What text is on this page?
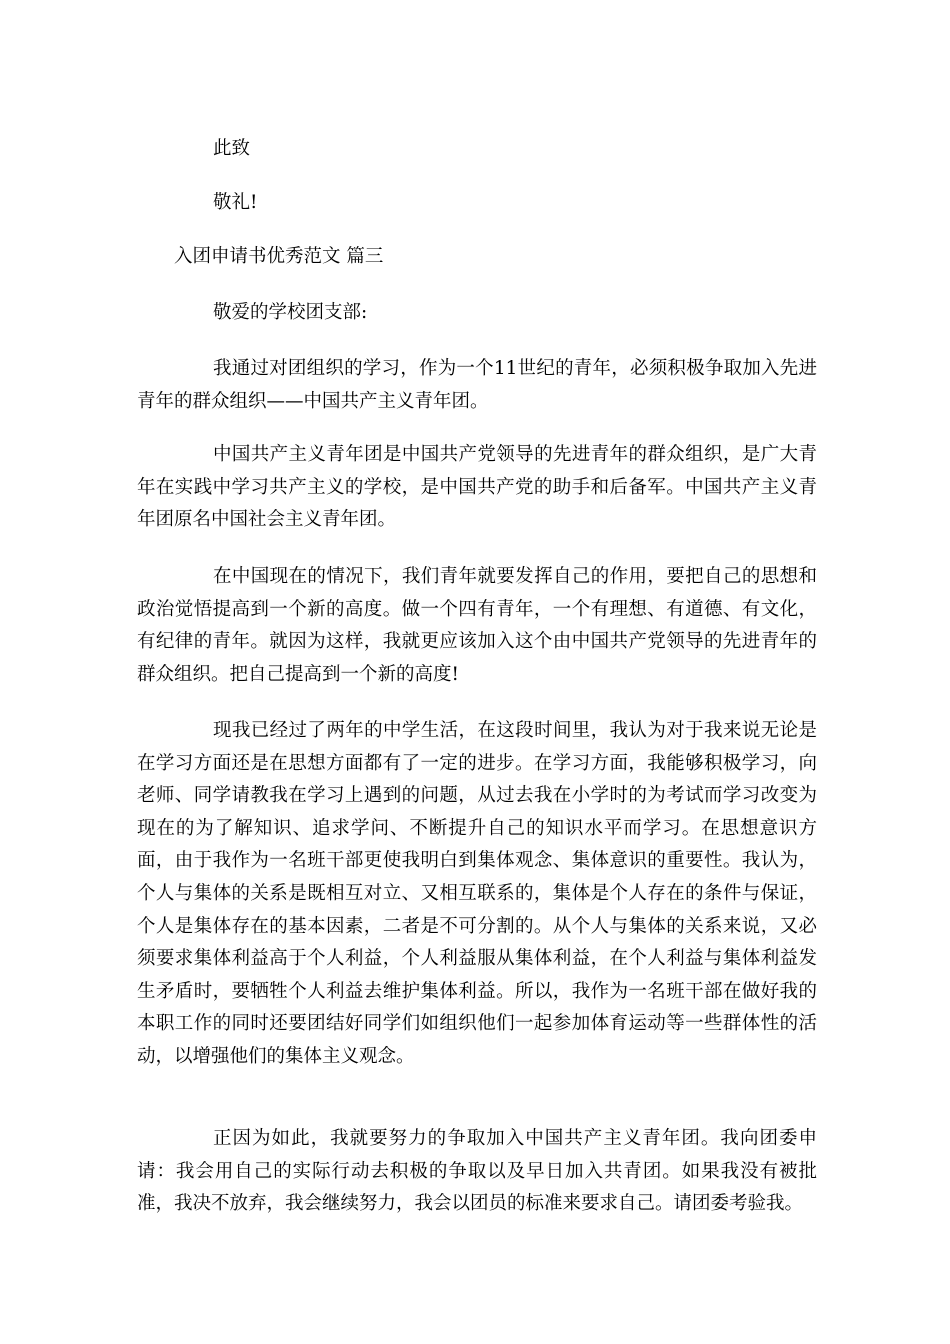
此致
敬礼!
入团申请书优秀范文 篇三
敬爱的学校团支部:

我通过对团组织的学习，作为一个11世纪的青年，必须积极争取加入先进青年的群众组织——中国共产主义青年团。

中国共产主义青年团是中国共产党领导的先进青年的群众组织，是广大青年在实践中学习共产主义的学校，是中国共产党的助手和后备军。中国共产主义青年团原名中国社会主义青年团。

在中国现在的情况下，我们青年就要发挥自己的作用，要把自己的思想和政治觉悟提高到一个新的高度。做一个四有青年，一个有理想、有道德、有文化，有纪律的青年。就因为这样，我就更应该加入这个由中国共产党领导的先进青年的群众组织。把自己提高到一个新的高度!

现我已经过了两年的中学生活，在这段时间里，我认为对于我来说无论是在学习方面还是在思想方面都有了一定的进步。在学习方面，我能够积极学习，向老师、同学请教我在学习上遇到的问题，从过去我在小学时的为考试而学习改变为现在的为了解知识、追求学问、不断提升自己的知识水平而学习。在思想意识方面，由于我作为一名班干部更使我明白到集体观念、集体意识的重要性。我认为，个人与集体的关系是既相互对立、又相互联系的，集体是个人存在的条件与保证，个人是集体存在的基本因素，二者是不可分割的。从个人与集体的关系来说，又必须要求集体利益高于个人利益，个人利益服从集体利益，在个人利益与集体利益发生矛盾时，要牺牲个人利益去维护集体利益。所以，我作为一名班干部在做好我的本职工作的同时还要团结好同学们如组织他们一起参加体育运动等一些群体性的活动，以增强他们的集体主义观念。

正因为如此，我就要努力的争取加入中国共产主义青年团。我向团委申请：我会用自己的实际行动去积极的争取以及早日加入共青团。如果我没有被批准，我决不放弃，我会继续努力，我会以团员的标准来要求自己。请团委考验我。
